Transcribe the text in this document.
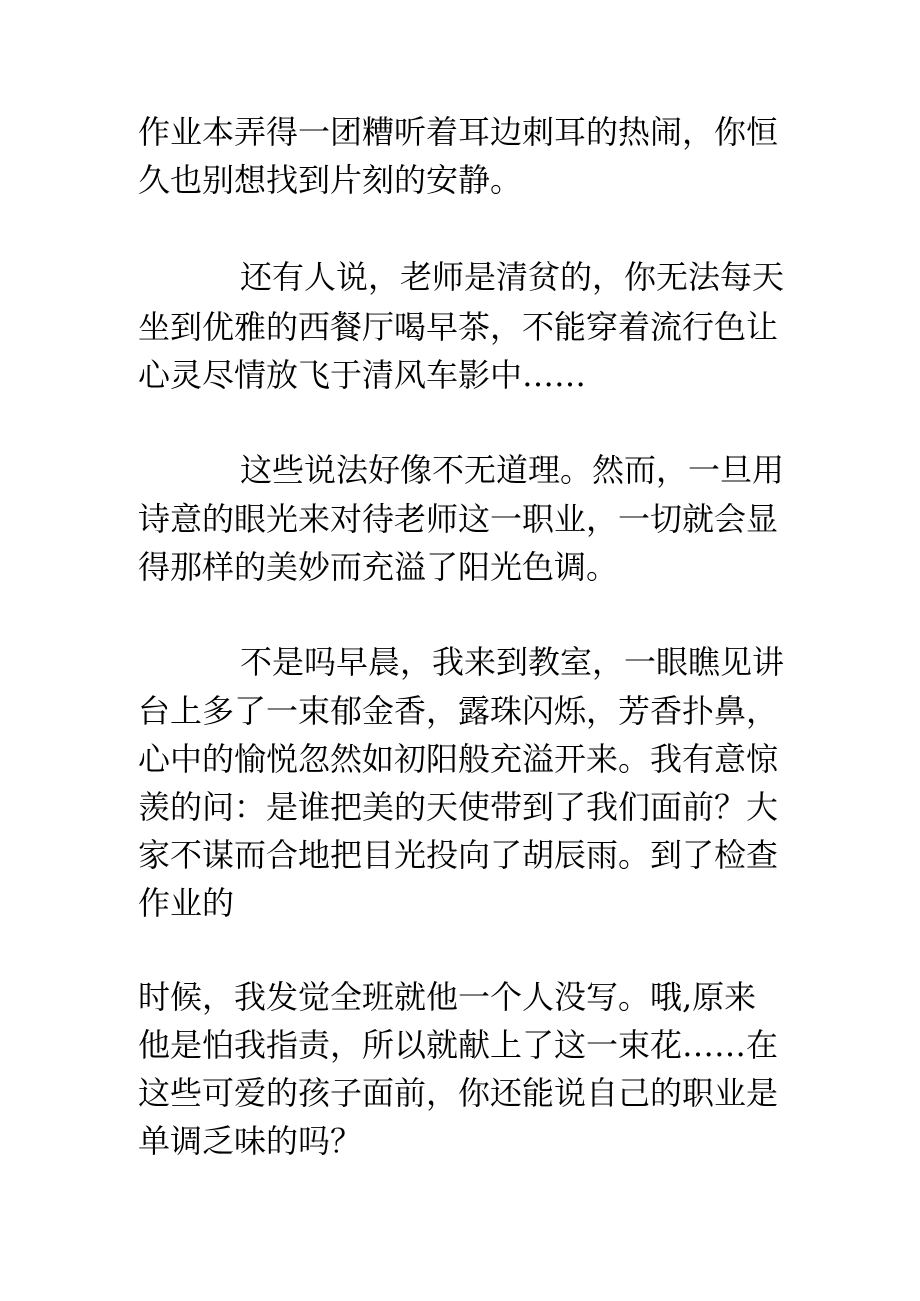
作业本弄得一团糟听着耳边刺耳的热闹，你恒
久也别想找到片刻的安静。
还有人说，老师是清贫的，你无法每天
坐到优雅的西餐厅喝早茶，不能穿着流行色让
心灵尽情放飞于清风车影中……
这些说法好像不无道理。然而，一旦用
诗意的眼光来对待老师这一职业，一切就会显
得那样的美妙而充溢了阳光色调。
不是吗早晨，我来到教室，一眼瞧见讲
台上多了一束郁金香，露珠闪烁，芳香扑鼻，
心中的愉悦忽然如初阳般充溢开来。我有意惊
羡的问：是谁把美的天使带到了我们面前？大
家不谋而合地把目光投向了胡辰雨。到了检查
作业的
时候，我发觉全班就他一个人没写。哦,原来
他是怕我指责，所以就献上了这一束花……在
这些可爱的孩子面前，你还能说自己的职业是
单调乏味的吗？
